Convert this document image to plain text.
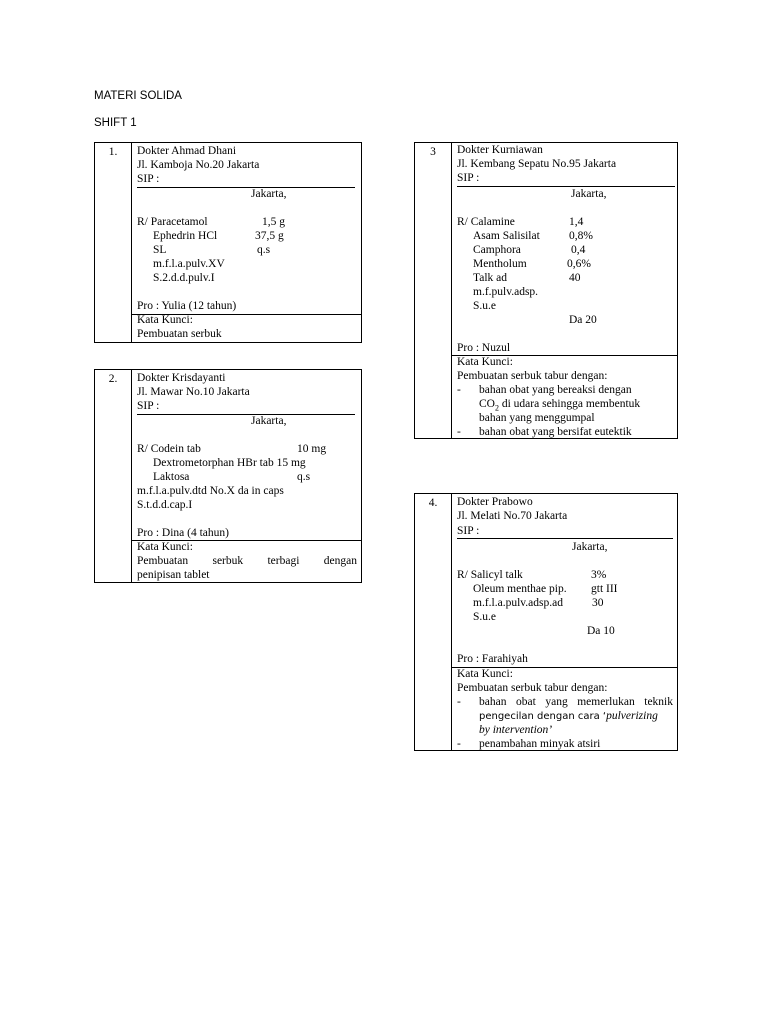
MATERI SOLIDA
SHIFT 1
1.	Dokter Ahmad Dhani
Jl. Kamboja No.20 Jakarta
SIP :
Jakarta,
R/ Paracetamol	1,5 g
Ephedrin HCl	37,5 g
SL	q.s
m.f.l.a.pulv.XV
S.2.d.d.pulv.I
Pro : Yulia (12 tahun)
Kata Kunci:
Pembuatan serbuk
2.	Dokter Krisdayanti
Jl. Mawar No.10 Jakarta
SIP :
Jakarta,
R/ Codein tab	10 mg
Dextrometorphan HBr tab 15 mg
Laktosa	q.s
m.f.l.a.pulv.dtd No.X da in caps
S.t.d.d.cap.I
Pro : Dina (4 tahun)
Kata Kunci:
Pembuatan serbuk terbagi dengan
penipisan tablet
3	Dokter Kurniawan
Jl. Kembang Sepatu No.95 Jakarta
SIP :
Jakarta,
R/ Calamine	1,4
Asam Salisilat	0,8%
Camphora	0,4
Mentholum	0,6%
Talk ad	40
m.f.pulv.adsp.
S.u.e
Da 20
Pro : Nuzul
Kata Kunci:
Pembuatan serbuk tabur dengan:
- bahan obat yang bereaksi dengan
$CO_2$ di udara sehingga membentuk
bahan yang menggumpal
- bahan obat yang bersifat eutektik
4.	Dokter Prabowo
Jl. Melati No.70 Jakarta
SIP :
Jakarta,
R/ Salicyl talk	3%
Oleum menthae pip. gtt III
m.f.l.a.pulv.adsp.ad	30
S.u.e
Da 10
Pro : Farahiyah
Kata Kunci:
Pembuatan serbuk tabur dengan:
- bahan obat yang memerlukan teknik
pengecilan dengan cara ‘pulverizing
by intervention’
- penambahan minyak atsiri
